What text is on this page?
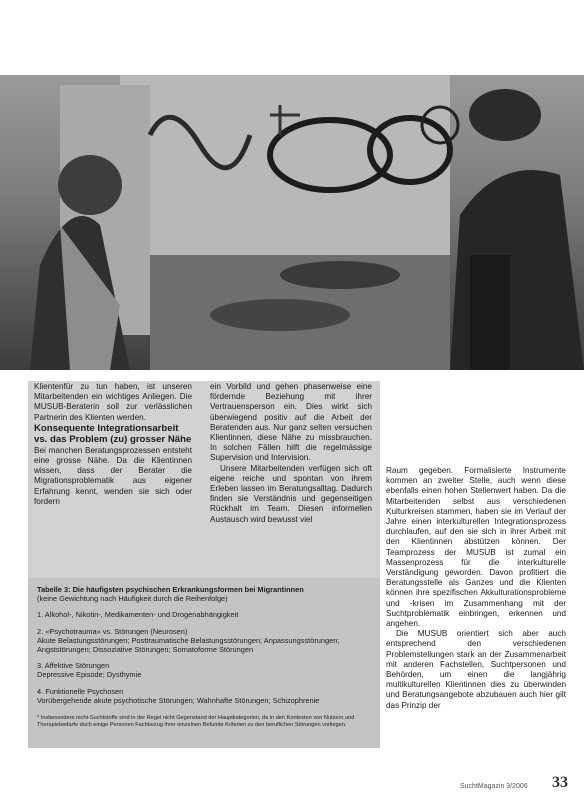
Klientenfür zu tun haben, ist unseren Mitarbeitenden ein wichtiges Anliegen. Die MUSUB-Beraterin soll zur verlässlichen Partnerin des Klienten werden.

Konsequente Integrationsarbeit vs. das Problem (zu) grosser Nähe

Bei manchen Beratungsprozessen entsteht eine grosse Nähe. Da die Klientinnen wissen, dass der Berater die Migrationsproblematik aus eigener Erfahrung kennt, wenden sie sich oder fordern

ein Vorbild und gehen phasenweise eine fördernde Beziehung mit ihrer Vertrauensperson ein. Dies wirkt sich überwiegend positiv auf die Arbeit der Beratenden aus. Nur ganz selten versuchen Klientinnen, diese Nähe zu missbrauchen. In solchen Fällen hilft die regelmässige Supervision und Intervision.

Unsere Mitarbeitenden verfügen sich oft eigene reiche und spontan von ihrem Erleben lassen im Beratungsalltag. Dadurch finden sie Verständnis und gegenseitigen Rückhalt im Team. Diesen informellen Austausch wird bewusst viel

Raum gegeben. Formalisierte Instrumente kommen an zweiter Stelle, auch wenn diese ebenfalls einen hohen Stellenwert haben. Da die Mitarbeitenden selbst aus verschiedenen Kulturkreisen stammen, haben sie im Verlauf der Jahre einen interkulturellen Integrationsprozess durchlaufen, auf den sie sich in ihrer Arbeit mit den Klientinnen abstützen können. Der Teamprozess der MUSUB ist zumal ein Massenprozess für die interkulturelle Verständigung geworden. Davon profitiert die Beratungsstelle als Ganzes und die Klienten können ihre spezifischen Akkulturationsprobleme und -krisen im Zusammenhang mit der Suchtproblematik einbringen, erkennen und angehen.

Die MUSUB orientiert sich aber auch entsprechend den verschiedenen Problemstellungen stark an der Zusammenarbeit mit anderen Fachstellen, Suchtpersonen und Behörden, um einen die langjährig multikulturellen Klientinnen dies zu überwinden und Beratungsangebote abzubauen auch hier gilt das Prinzip der

Tabelle 3: Die häufigsten psychischen Erkrankungsformen bei Migrantinnen
(keine Gewichtung nach Häufigkeit durch die Reihenfolge)
1. Alkohol-, Nikotin-, Medikamenten- und Drogenabhängigkeit
2. «Psychotrauma» vs. Störungen (Neurosen)
Akute Belastungsstörungen; Posttraumatische Belastungsstörungen; Anpassungsstörungen; Angststörungen; Dissoziative Störungen; Somatoforme Störungen
3. Affektive Störungen
Depressive Episode; Dysthymie
4. Funktionelle Psychosen
Vorübergehende akute psychotische Störungen; Wahnhafte Störungen; Schizophrenie
* Insbesondere nicht-Suchtstoffe sind in der Regel nicht Gegenstand der Hauptkategorien, da in den Kontexten von Nutzern und Therapiebedarfe doch einige Personen Fachbezug ihrer einzelnen Befunde Kriterien zu den beruflichen Störungen vorliegen.
SuchtMagazin 3/2006 33
